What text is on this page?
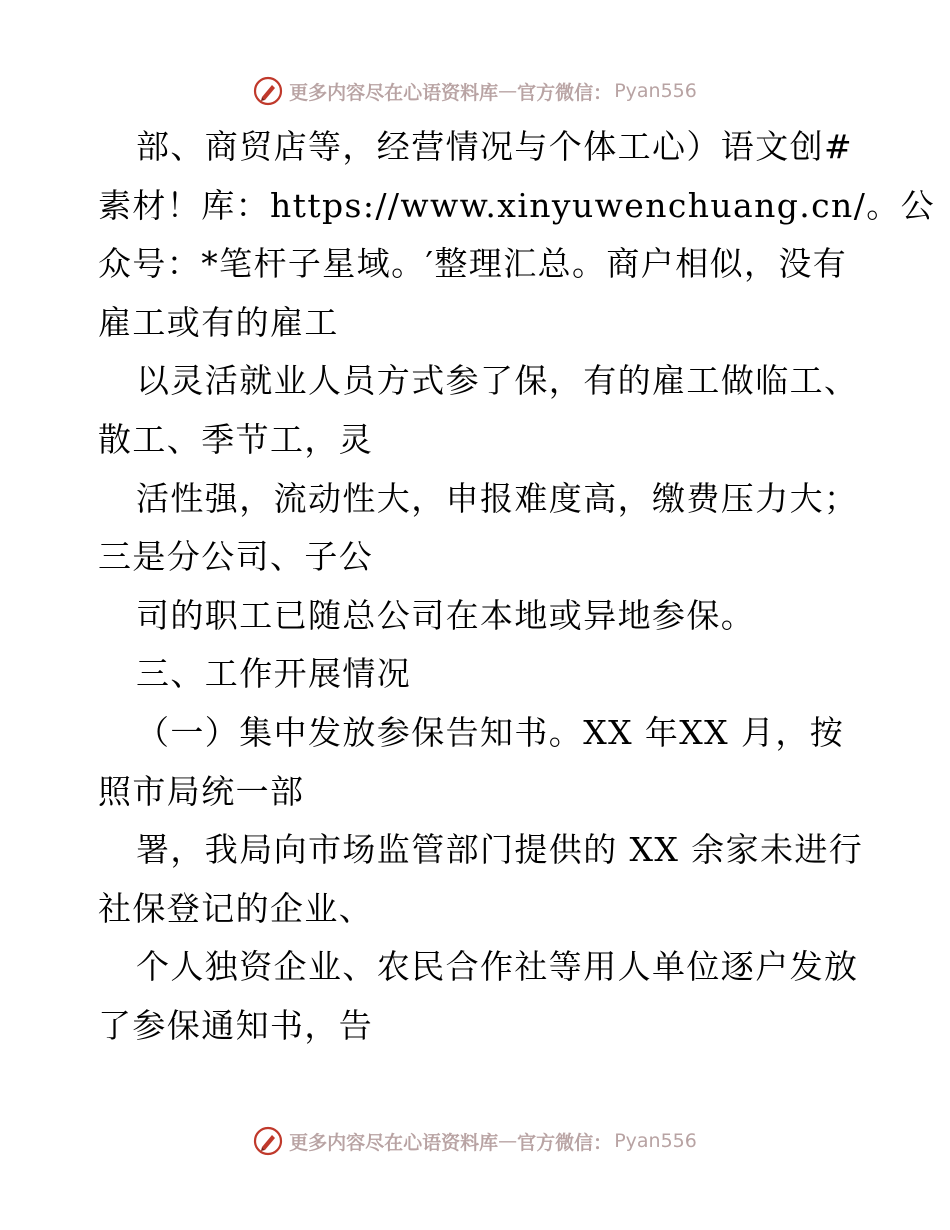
更多内容尽在心语资料库 — 官方微信： Pyan556
部、商贸店等，经营情况与个体工心）语文创#
素材！库：https://www.xinyuwenchuang.cn/。公
众号：*笔杆子星域。′整理汇总。商户相似，没有
雇工或有的雇工
以灵活就业人员方式参了保，有的雇工做临工、
散工、季节工，灵
活性强，流动性大，申报难度高，缴费压力大；
三是分公司、子公
司的职工已随总公司在本地或异地参保。
三、工作开展情况
（一）集中发放参保告知书。XX 年XX 月，按
照市局统一部
署，我局向市场监管部门提供的 XX 余家未进行
社保登记的企业、
个人独资企业、农民合作社等用人单位逐户发放
了参保通知书，告
更多内容尽在心语资料库 — 官方微信： Pyan556
